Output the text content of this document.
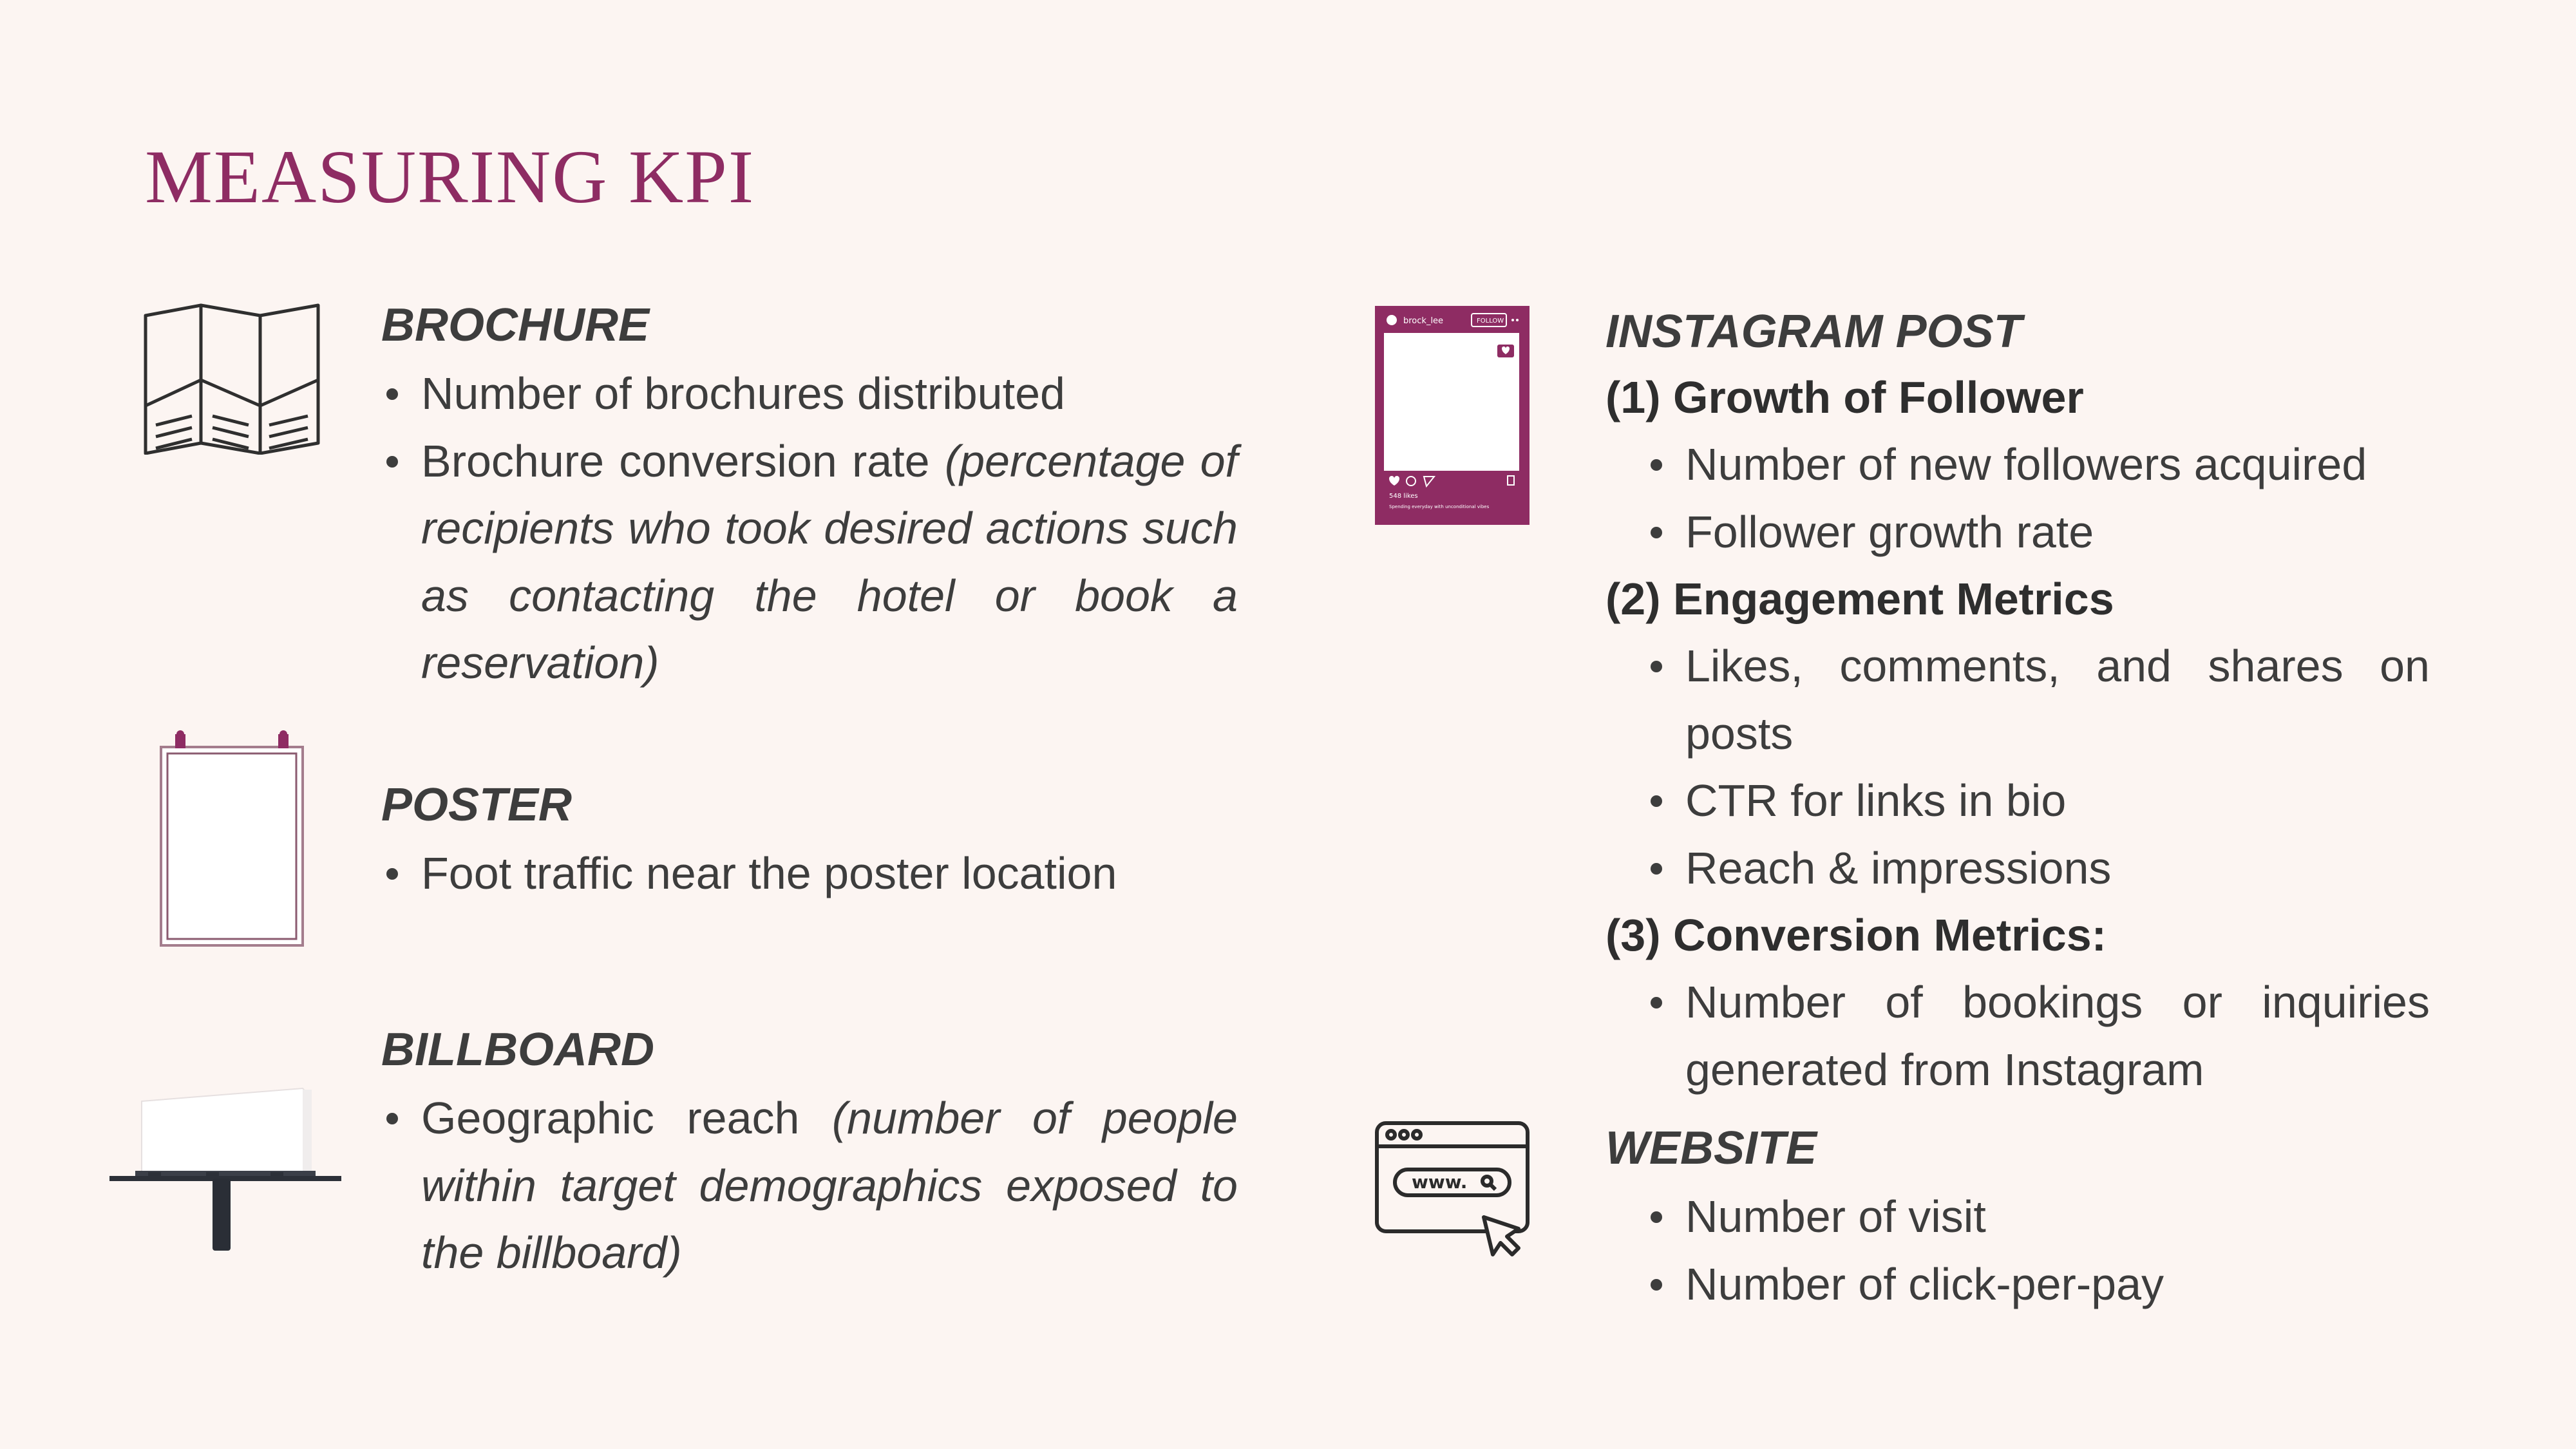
MEASURING KPI

BROCHURE

Number of brochures distributed
Brochure conversion rate (percentage of recipients who took desired actions such as contacting the hotel or book a reservation)

POSTER

Foot traffic near the poster location

BILLBOARD

Geographic reach (number of people within target demographics exposed to the billboard)
brock_lee	FOLLOW
548 likes
Spending everyday with unconditional vibes

INSTAGRAM POST

(1) Growth of Follower

Number of new followers acquired
Follower growth rate

(2) Engagement Metrics

Likes, comments, and shares on posts
CTR for links in bio
Reach & impressions

(3) Conversion Metrics:

Number of bookings or inquiries generated from Instagram
www.

WEBSITE

Number of visit
Number of click-per-pay
